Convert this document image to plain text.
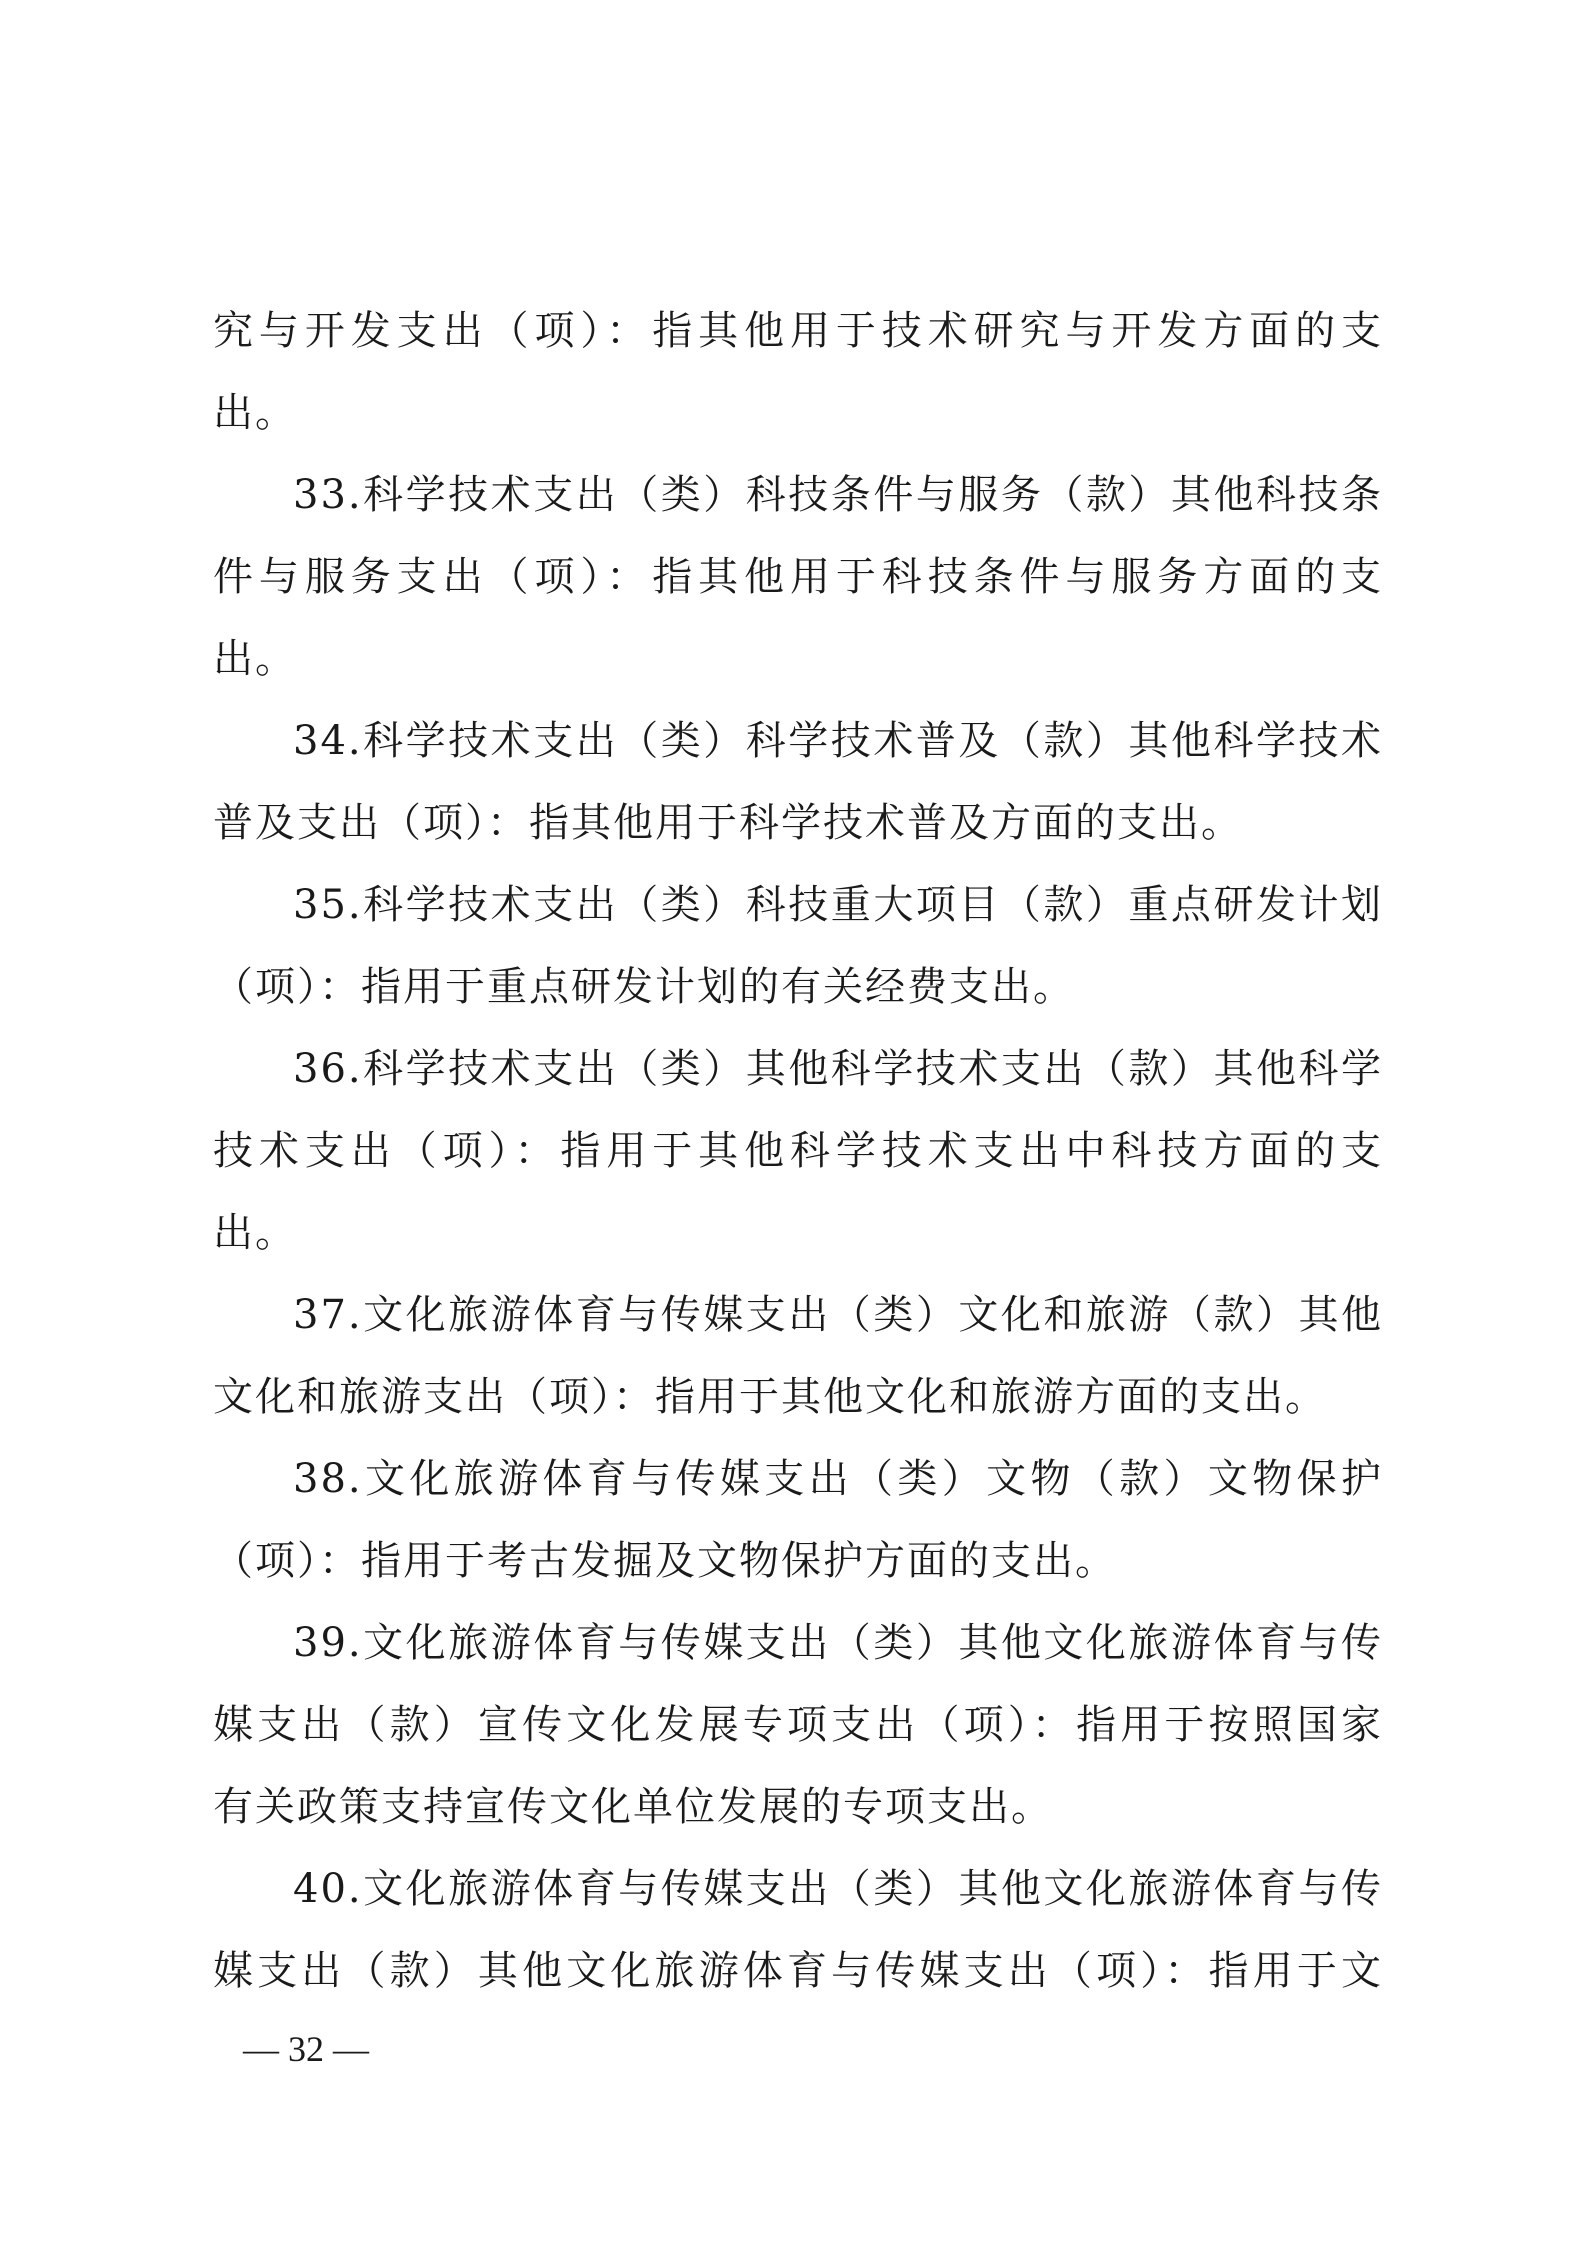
究与开发支出（项）：指其他用于技术研究与开发方面的支
出。
33.科学技术支出（类）科技条件与服务（款）其他科技条
件与服务支出（项）：指其他用于科技条件与服务方面的支
出。
34.科学技术支出（类）科学技术普及（款）其他科学技术
普及支出（项）：指其他用于科学技术普及方面的支出。
35.科学技术支出（类）科技重大项目（款）重点研发计划
（项）：指用于重点研发计划的有关经费支出。
36.科学技术支出（类）其他科学技术支出（款）其他科学
技术支出（项）：指用于其他科学技术支出中科技方面的支
出。
37.文化旅游体育与传媒支出（类）文化和旅游（款）其他
文化和旅游支出（项）：指用于其他文化和旅游方面的支出。
38.文化旅游体育与传媒支出（类）文物（款）文物保护
（项）：指用于考古发掘及文物保护方面的支出。
39.文化旅游体育与传媒支出（类）其他文化旅游体育与传
媒支出（款）宣传文化发展专项支出（项）：指用于按照国家
有关政策支持宣传文化单位发展的专项支出。
40.文化旅游体育与传媒支出（类）其他文化旅游体育与传
媒支出（款）其他文化旅游体育与传媒支出（项）：指用于文
— 32 —
